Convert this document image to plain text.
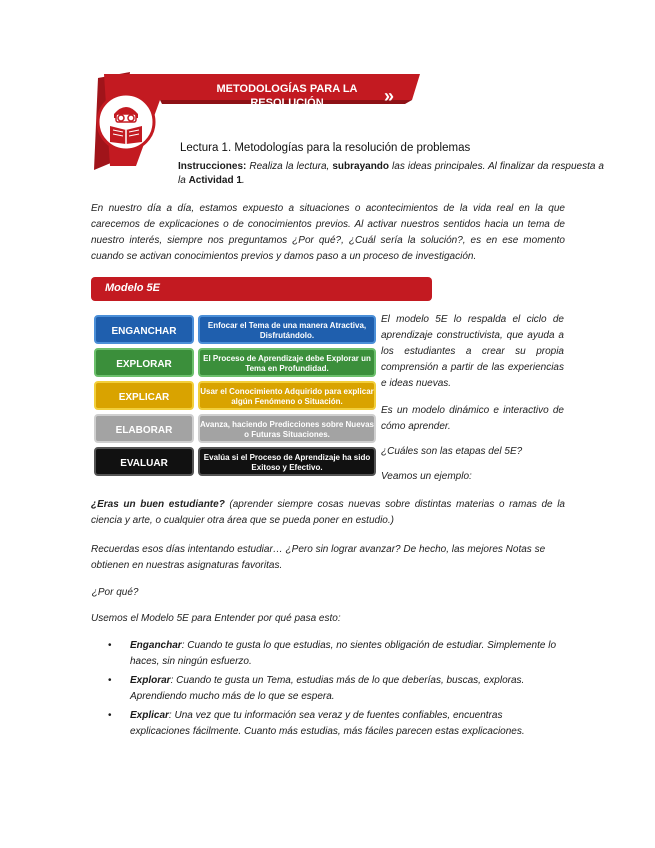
METODOLOGÍAS PARA LA RESOLUCIÓN
DE PROBLEMAS
»
Lectura 1. Metodologías para la resolución de problemas
Instrucciones: Realiza la lectura, subrayando las ideas principales. Al finalizar da respuesta a la Actividad 1.
En nuestro día a día, estamos expuesto a situaciones o acontecimientos de la vida real en la que carecemos de explicaciones o de conocimientos previos. Al activar nuestros sentidos hacia un tema de nuestro interés, siempre nos preguntamos ¿Por qué?, ¿Cuál sería la solución?, es en ese momento cuando se activan conocimientos previos y damos paso a un proceso de investigación.
Modelo 5E
ENGANCHAR
Enfocar el Tema de una manera Atractiva, Disfrutándolo.
EXPLORAR
El Proceso de Aprendizaje debe Explorar un Tema en Profundidad.
EXPLICAR
Usar el Conocimiento Adquirido para explicar algún Fenómeno o Situación.
ELABORAR
Avanza, haciendo Predicciones sobre Nuevas o Futuras Situaciones.
EVALUAR
Evalúa si el Proceso de Aprendizaje ha sido Exitoso y Efectivo.
El modelo 5E lo respalda el ciclo de aprendizaje constructivista, que ayuda a los estudiantes a crear su propia comprensión a partir de las experiencias e ideas nuevas.
Es un modelo dinámico e interactivo de cómo aprender.
¿Cuáles son las etapas del 5E?
Veamos un ejemplo:
¿Eras un buen estudiante? (aprender siempre cosas nuevas sobre distintas materias o ramas de la ciencia y arte, o cualquier otra área que se pueda poner en estudio.)
Recuerdas esos días intentando estudiar… ¿Pero sin lograr avanzar? De hecho, las mejores Notas se obtienen en nuestras asignaturas favoritas.
¿Por qué?
Usemos el Modelo 5E para Entender por qué pasa esto:
• Enganchar: Cuando te gusta lo que estudias, no sientes obligación de estudiar. Simplemente lo haces, sin ningún esfuerzo.
• Explorar: Cuando te gusta un Tema, estudias más de lo que deberías, buscas, exploras. Aprendiendo mucho más de lo que se espera.
• Explicar: Una vez que tu información sea veraz y de fuentes confiables, encuentras explicaciones fácilmente. Cuanto más estudias, más fáciles parecen estas explicaciones.
